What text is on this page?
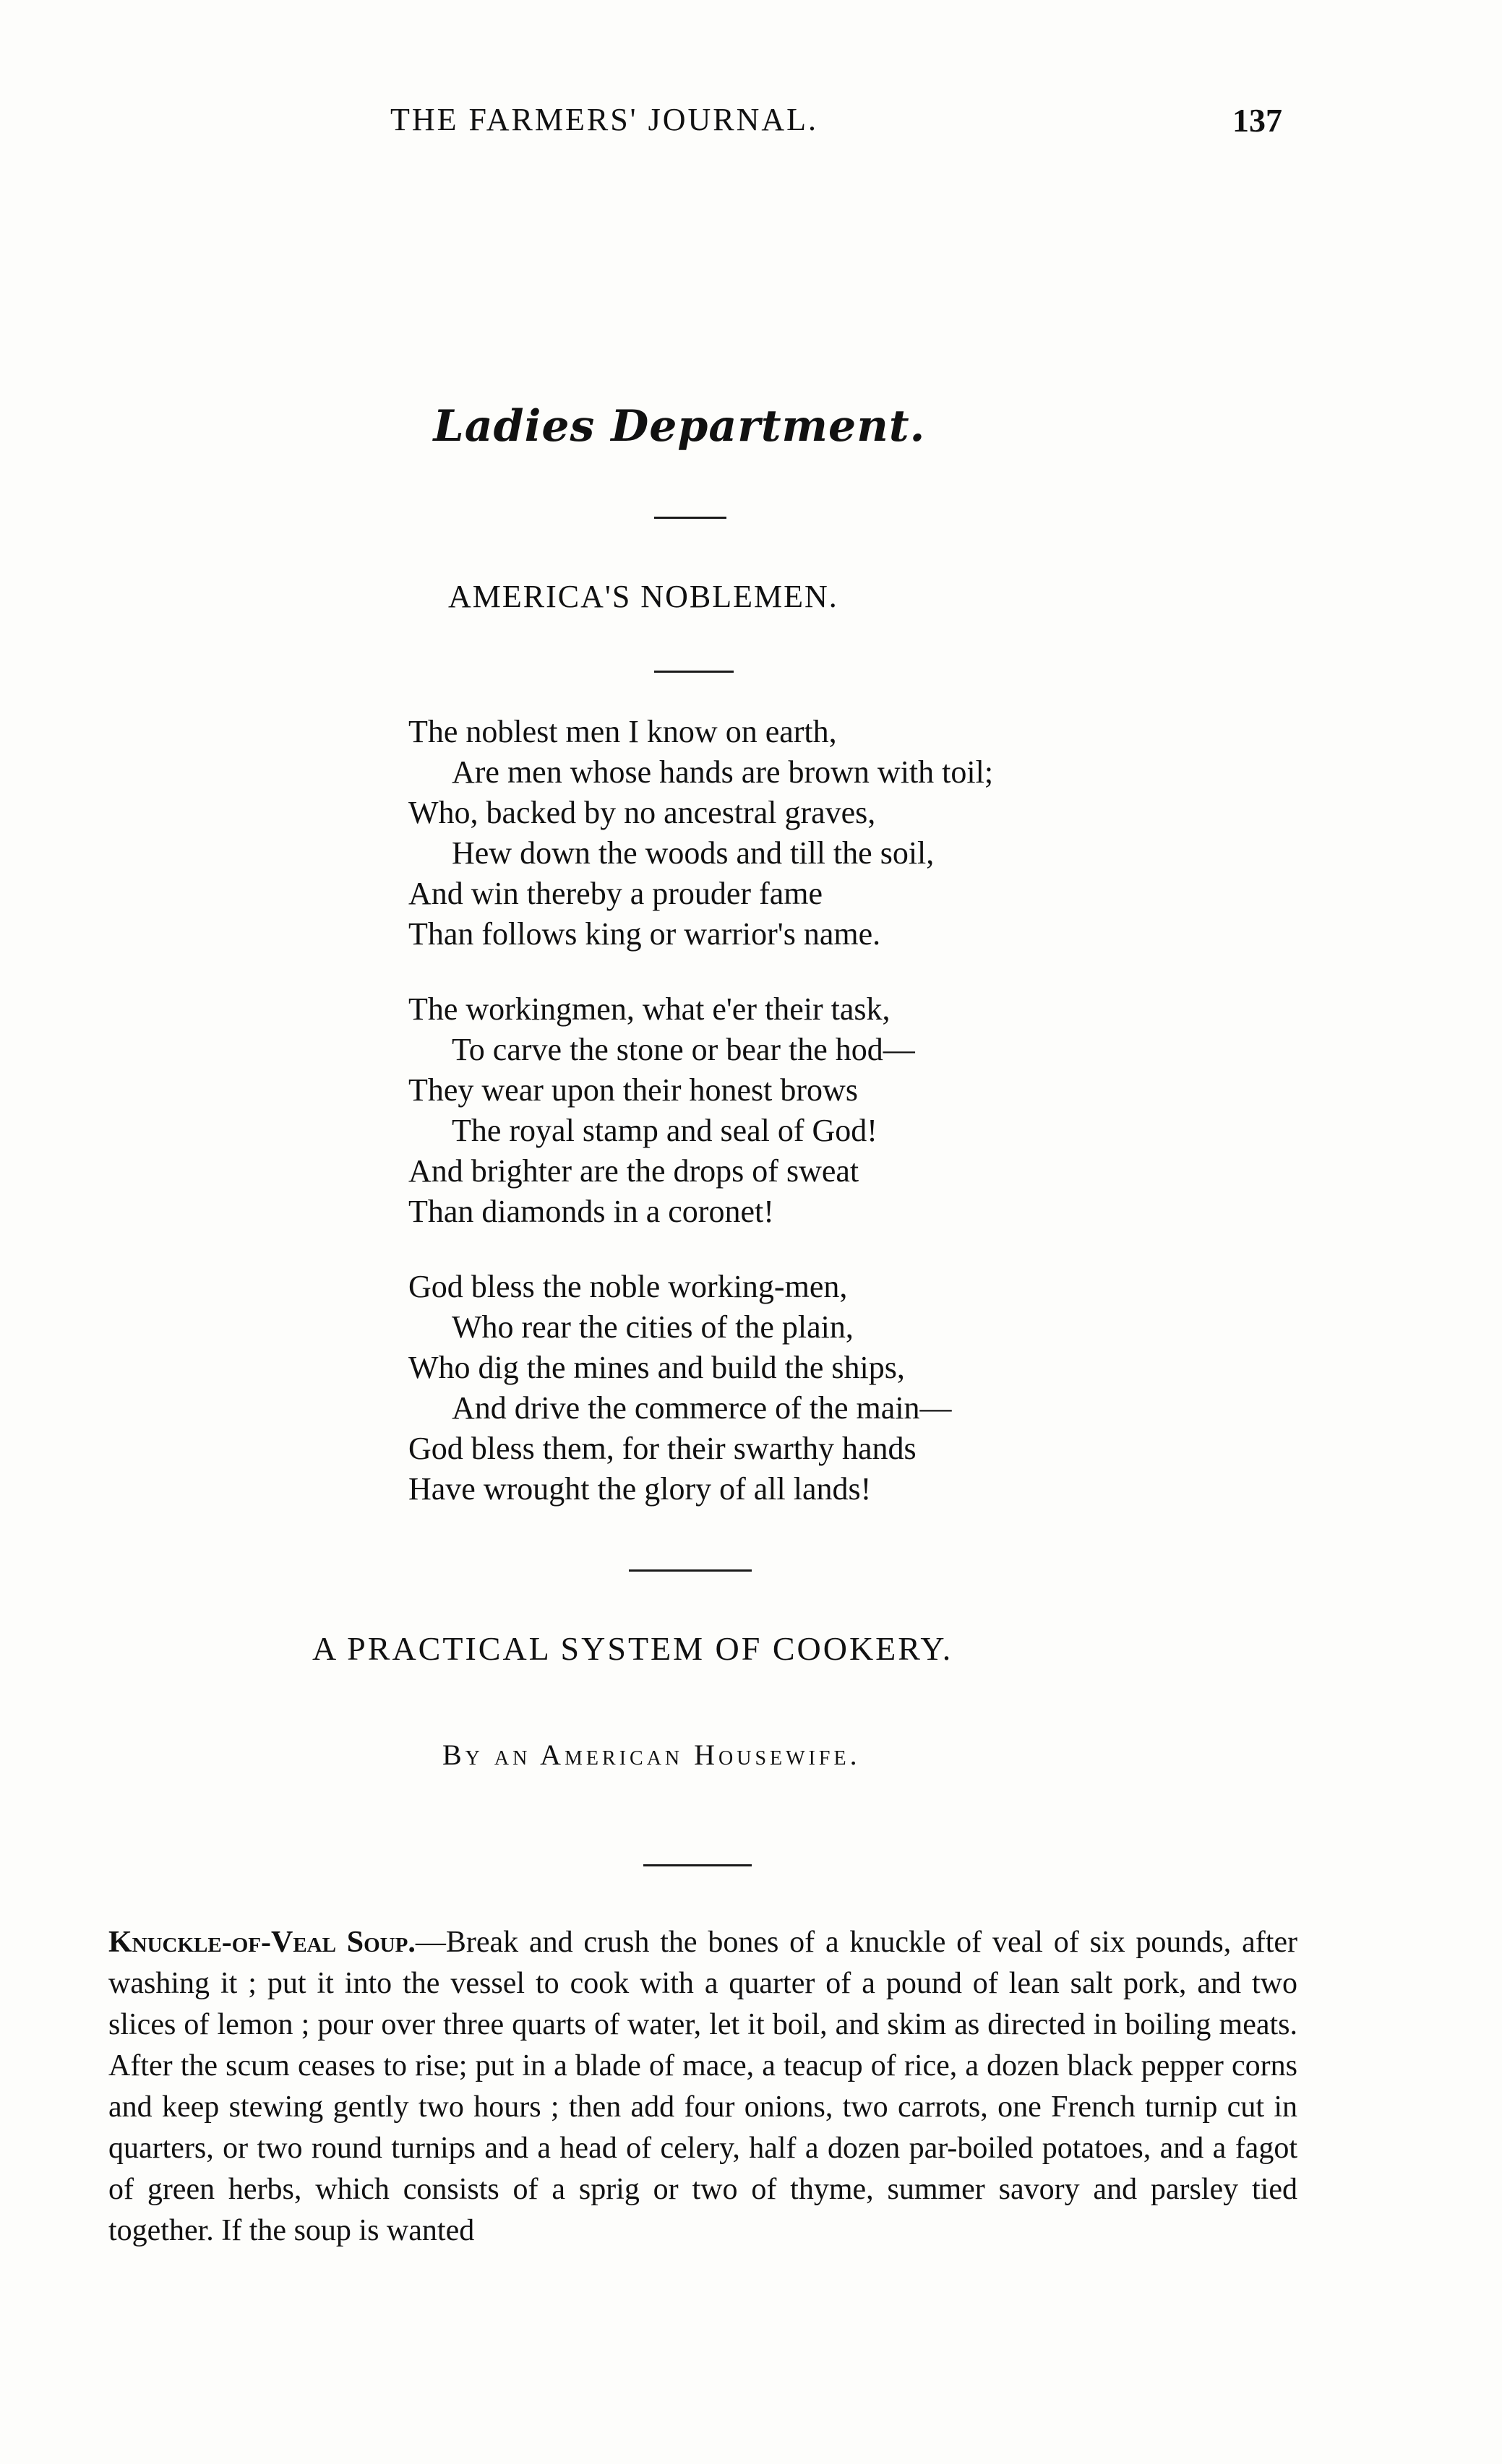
THE FARMERS' JOURNAL.	137
Ladies Department.
AMERICA'S NOBLEMEN.
The noblest men I know on earth,
Are men whose hands are brown with toil;
Who, backed by no ancestral graves,
Hew down the woods and till the soil,
And win thereby a prouder fame
Than follows king or warrior's name.
The workingmen, what e'er their task,
To carve the stone or bear the hod—
They wear upon their honest brows
The royal stamp and seal of God!
And brighter are the drops of sweat
Than diamonds in a coronet!
God bless the noble working-men,
Who rear the cities of the plain,
Who dig the mines and build the ships,
And drive the commerce of the main—
God bless them, for their swarthy hands
Have wrought the glory of all lands!
A PRACTICAL SYSTEM OF COOKERY.
By an American Housewife.
Knuckle-of-Veal Soup.—Break and crush the bones of a knuckle of veal of six pounds, after washing it ; put it into the vessel to cook with a quarter of a pound of lean salt pork, and two slices of lemon ; pour over three quarts of water, let it boil, and skim as directed in boiling meats. After the scum ceases to rise; put in a blade of mace, a teacup of rice, a dozen black pepper corns and keep stewing gently two hours ; then add four onions, two carrots, one French turnip cut in quarters, or two round turnips and a head of celery, half a dozen par-boiled potatoes, and a fagot of green herbs, which consists of a sprig or two of thyme, summer savory and parsley tied together. If the soup is wanted
